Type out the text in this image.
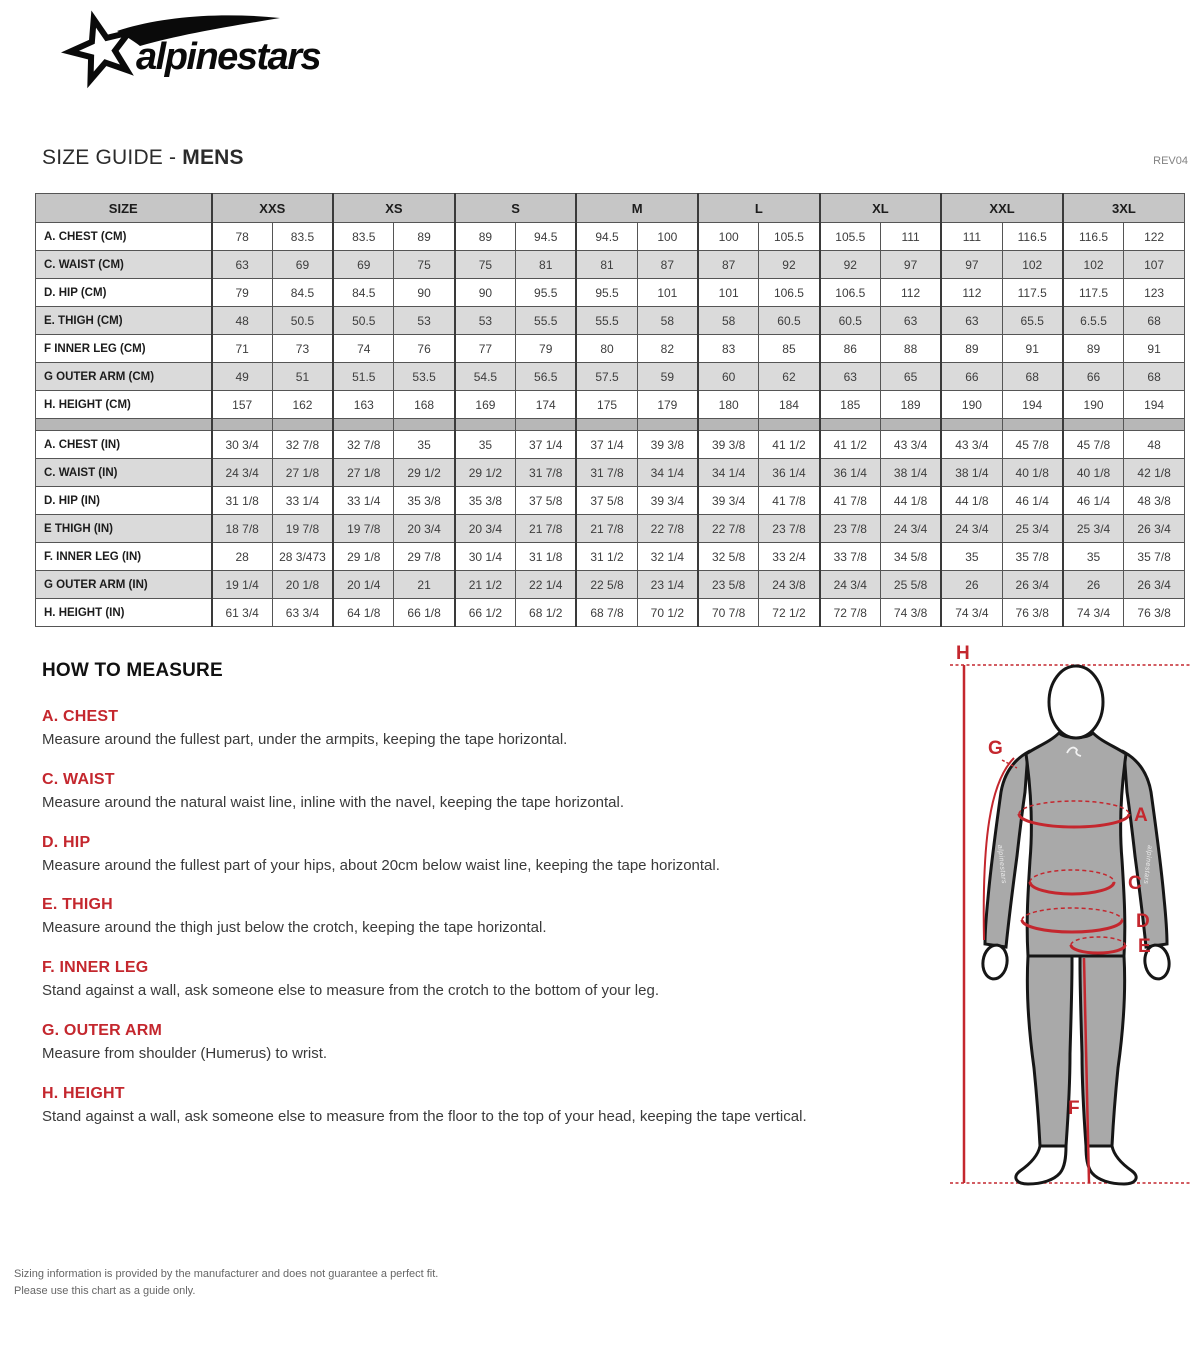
alpinestars
SIZE GUIDE - MENS	REV04
SIZE	XXS		XS		S		M		L		XL		XXL		3XL	
A. CHEST (CM)	78	83.5	83.5	89	89	94.5	94.5	100	100	105.5	105.5	111	111	116.5	116.5	122
C. WAIST (CM)	63	69	69	75	75	81	81	87	87	92	92	97	97	102	102	107
D. HIP (CM)	79	84.5	84.5	90	90	95.5	95.5	101	101	106.5	106.5	112	112	117.5	117.5	123
E. THIGH (CM)	48	50.5	50.5	53	53	55.5	55.5	58	58	60.5	60.5	63	63	65.5	6.5.5	68
F INNER LEG (CM)	71	73	74	76	77	79	80	82	83	85	86	88	89	91	89	91
G OUTER ARM (CM)	49	51	51.5	53.5	54.5	56.5	57.5	59	60	62	63	65	66	68	66	68
H. HEIGHT (CM)	157	162	163	168	169	174	175	179	180	184	185	189	190	194	190	194

A. CHEST (IN)	30 3/4	32 7/8	32 7/8	35	35	37 1/4	37 1/4	39 3/8	39 3/8	41 1/2	41 1/2	43 3/4	43 3/4	45 7/8	45 7/8	48
C. WAIST (IN)	24 3/4	27 1/8	27 1/8	29 1/2	29 1/2	31 7/8	31 7/8	34 1/4	34 1/4	36 1/4	36 1/4	38 1/4	38 1/4	40 1/8	40 1/8	42 1/8
D. HIP (IN)	31 1/8	33 1/4	33 1/4	35 3/8	35 3/8	37 5/8	37 5/8	39 3/4	39 3/4	41 7/8	41 7/8	44 1/8	44 1/8	46 1/4	46 1/4	48 3/8
E THIGH (IN)	18 7/8	19 7/8	19 7/8	20 3/4	20 3/4	21 7/8	21 7/8	22 7/8	22 7/8	23 7/8	23 7/8	24 3/4	24 3/4	25 3/4	25 3/4	26 3/4
F. INNER LEG (IN)	28	28 3/473	29 1/8	29 7/8	30 1/4	31 1/8	31 1/2	32 1/4	32 5/8	33 2/4	33 7/8	34 5/8	35	35 7/8	35	35 7/8
G OUTER ARM (IN)	19 1/4	20 1/8	20 1/4	21	21 1/2	22 1/4	22 5/8	23 1/4	23 5/8	24 3/8	24 3/4	25 5/8	26	26 3/4	26	26 3/4
H. HEIGHT (IN)	61 3/4	63 3/4	64 1/8	66 1/8	66 1/2	68 1/2	68 7/8	70 1/2	70 7/8	72 1/2	72 7/8	74 3/8	74 3/4	76 3/8	74 3/4	76 3/8
HOW TO MEASURE
A. CHEST

Measure around the fullest part, under the armpits, keeping the tape horizontal.

C. WAIST

Measure around the natural waist line, inline with the navel, keeping the tape horizontal.

D. HIP

Measure around the fullest part of your hips, about 20cm below waist line, keeping the tape horizontal.

E. THIGH

Measure around the thigh just below the crotch, keeping the tape horizontal.

F. INNER LEG

Stand against a wall, ask someone else to measure from the crotch to the bottom of your leg.

G. OUTER ARM

Measure from shoulder (Humerus) to wrist.

H. HEIGHT

Stand against a wall, ask someone else to measure from the floor to the top of your head, keeping the tape vertical.

alpinestars	alpinestars
H
G
A
C
D
E
F
Sizing information is provided by the manufacturer and does not guarantee a perfect fit.
Please use this chart as a guide only.
